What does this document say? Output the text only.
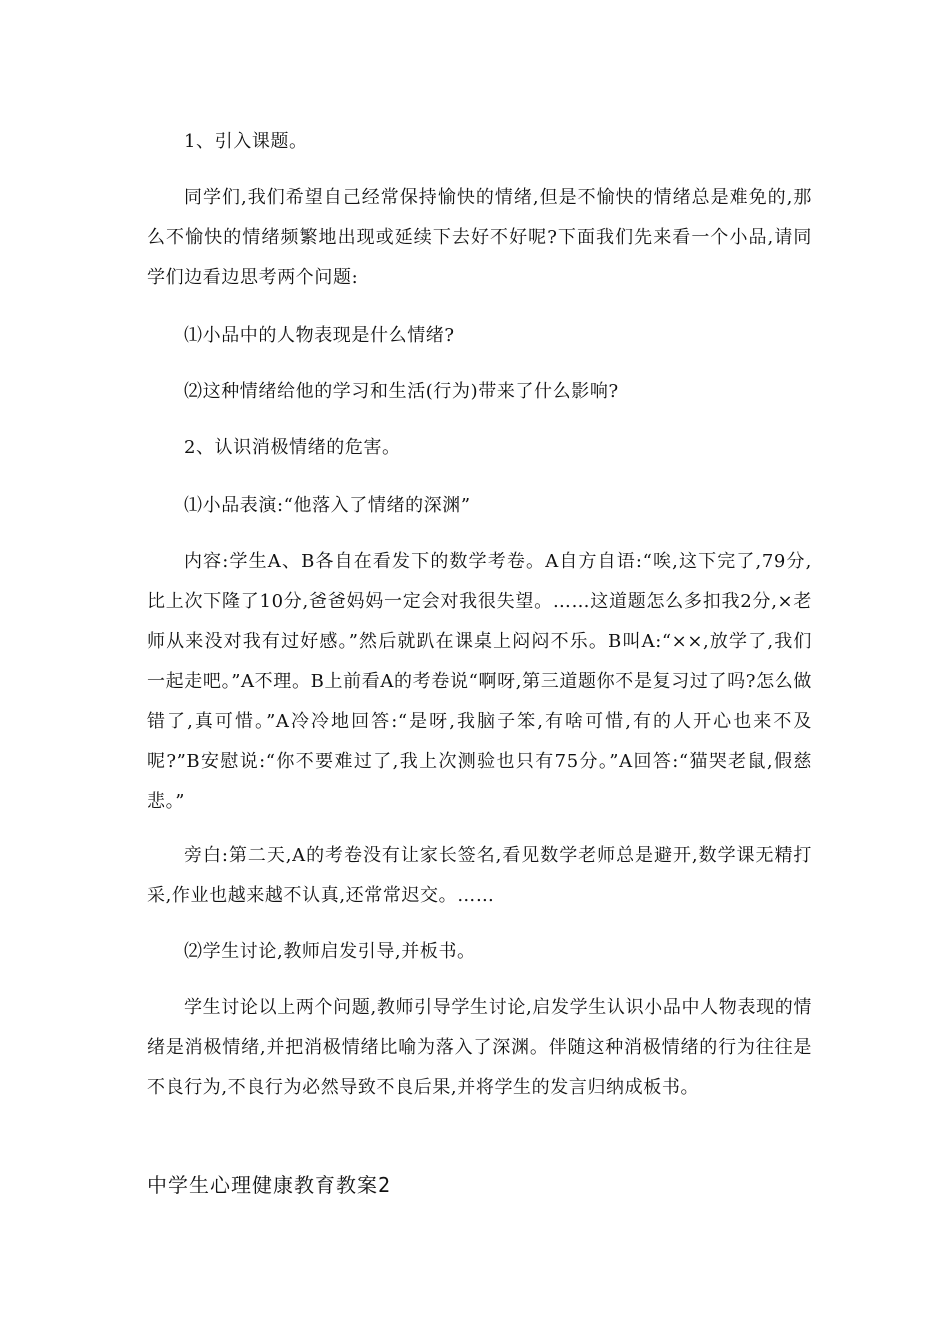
1、引入课题。

同学们,我们希望自己经常保持愉快的情绪,但是不愉快的情绪总是难免的,那么不愉快的情绪频繁地出现或延续下去好不好呢?下面我们先来看一个小品,请同学们边看边思考两个问题:

⑴小品中的人物表现是什么情绪?

⑵这种情绪给他的学习和生活(行为)带来了什么影响?

2、认识消极情绪的危害。

⑴小品表演:“他落入了情绪的深渊”

内容:学生A、B各自在看发下的数学考卷。A自方自语:“唉,这下完了,79分,比上次下隆了10分,爸爸妈妈一定会对我很失望。……这道题怎么多扣我2分,×老师从来没对我有过好感。”然后就趴在课桌上闷闷不乐。B叫A:“××,放学了,我们一起走吧。”A不理。B上前看A的考卷说“啊呀,第三道题你不是复习过了吗?怎么做错了,真可惜。”A冷冷地回答:“是呀,我脑子笨,有啥可惜,有的人开心也来不及呢?”B安慰说:“你不要难过了,我上次测验也只有75分。”A回答:“猫哭老鼠,假慈悲。”

旁白:第二天,A的考卷没有让家长签名,看见数学老师总是避开,数学课无精打采,作业也越来越不认真,还常常迟交。……

⑵学生讨论,教师启发引导,并板书。

学生讨论以上两个问题,教师引导学生讨论,启发学生认识小品中人物表现的情绪是消极情绪,并把消极情绪比喻为落入了深渊。伴随这种消极情绪的行为往往是不良行为,不良行为必然导致不良后果,并将学生的发言归纳成板书。

中学生心理健康教育教案2
